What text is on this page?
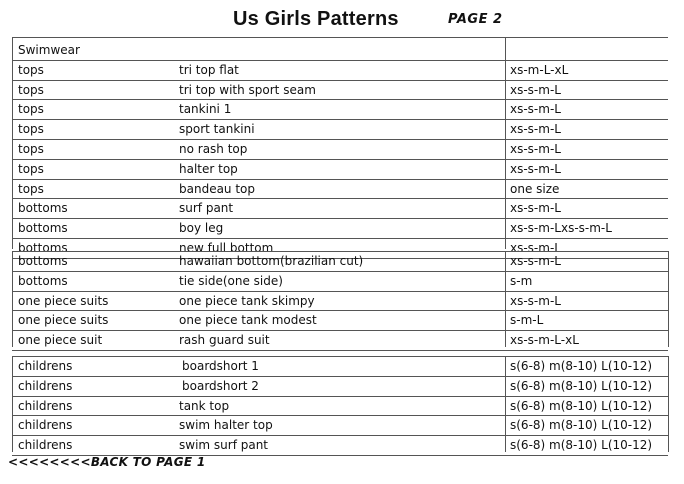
Us Girls Patterns	PAGE 2
Swimwear
tops	tri top flat	xs-m-L-xL
tops	tri top with sport seam	xs-s-m-L
tops	tankini 1	xs-s-m-L
tops	sport tankini	xs-s-m-L
tops	no rash top	xs-s-m-L
tops	halter top	xs-s-m-L
tops	bandeau top	one size
bottoms	surf pant	xs-s-m-L
bottoms	boy leg	xs-s-m-Lxs-s-m-L
bottoms	new full bottom	xs-s-m-L
bottoms	hawaiian bottom(brazilian cut)	xs-s-m-L
bottoms	tie side(one side)	s-m
one piece suits	one piece tank skimpy	xs-s-m-L
one piece suits	one piece tank modest	s-m-L
one piece suit	rash guard suit	xs-s-m-L-xL
childrens	boardshort 1	s(6-8) m(8-10) L(10-12)
childrens	boardshort 2	s(6-8) m(8-10) L(10-12)
childrens	tank top	s(6-8) m(8-10) L(10-12)
childrens	swim halter top	s(6-8) m(8-10) L(10-12)
childrens	swim surf pant	s(6-8) m(8-10) L(10-12)
<<<<<<<<BACK TO PAGE 1
